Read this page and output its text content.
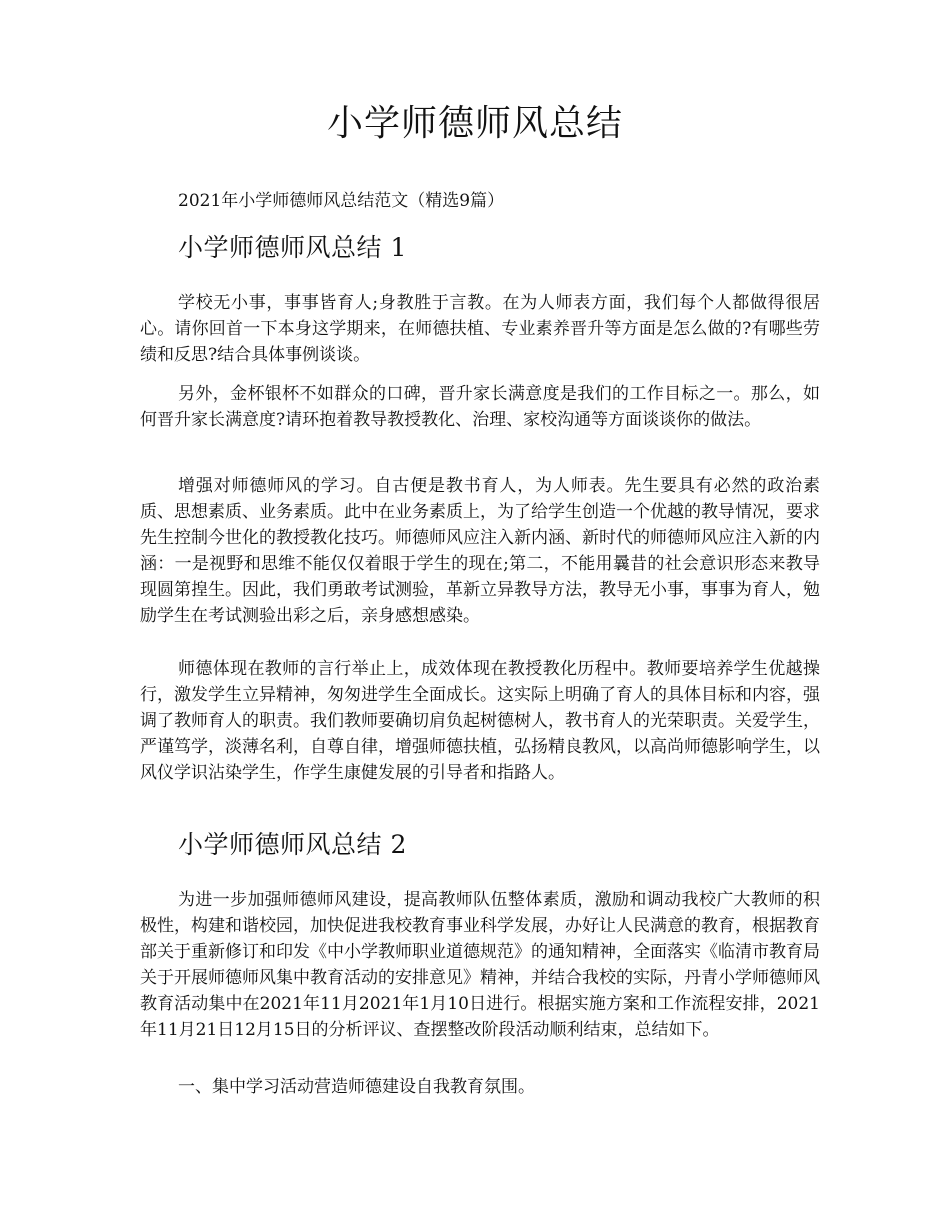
小学师德师风总结

2021年小学师德师风总结范文（精选9篇）

小学师德师风总结 1

学校无小事，事事皆育人;身教胜于言教。在为人师表方面，我们每个人都做得很居心。请你回首一下本身这学期来，在师德扶植、专业素养晋升等方面是怎么做的?有哪些劳绩和反思?结合具体事例谈谈。

另外，金杯银杯不如群众的口碑，晋升家长满意度是我们的工作目标之一。那么，如何晋升家长满意度?请环抱着教导教授教化、治理、家校沟通等方面谈谈你的做法。

增强对师德师风的学习。自古便是教书育人，为人师表。先生要具有必然的政治素质、思想素质、业务素质。此中在业务素质上，为了给学生创造一个优越的教导情况，要求先生控制今世化的教授教化技巧。师德师风应注入新内涵、新时代的师德师风应注入新的内涵：一是视野和思维不能仅仅着眼于学生的现在;第二，不能用曩昔的社会意识形态来教导现圆第揘生。因此，我们勇敢考试测验，革新立异教导方法，教导无小事，事事为育人，勉励学生在考试测验出彩之后，亲身感想感染。

师德体现在教师的言行举止上，成效体现在教授教化历程中。教师要培养学生优越操行，激发学生立异精神，匆匆进学生全面成长。这实际上明确了育人的具体目标和内容，强调了教师育人的职责。我们教师要确切肩负起树德树人，教书育人的光荣职责。关爱学生，严谨笃学，淡薄名利，自尊自律，增强师德扶植，弘扬精良教风，以高尚师德影响学生，以风仪学识沾染学生，作学生康健发展的引导者和指路人。

小学师德师风总结 2

为进一步加强师德师风建设，提高教师队伍整体素质，激励和调动我校广大教师的积极性，构建和谐校园，加快促进我校教育事业科学发展，办好让人民满意的教育，根据教育部关于重新修订和印发《中小学教师职业道德规范》的通知精神，全面落实《临清市教育局关于开展师德师风集中教育活动的安排意见》精神，并结合我校的实际，丹青小学师德师风教育活动集中在2021年11月2021年1月10日进行。根据实施方案和工作流程安排，2021年11月21日12月15日的分析评议、查摆整改阶段活动顺利结束，总结如下。

一、集中学习活动营造师德建设自我教育氛围。
